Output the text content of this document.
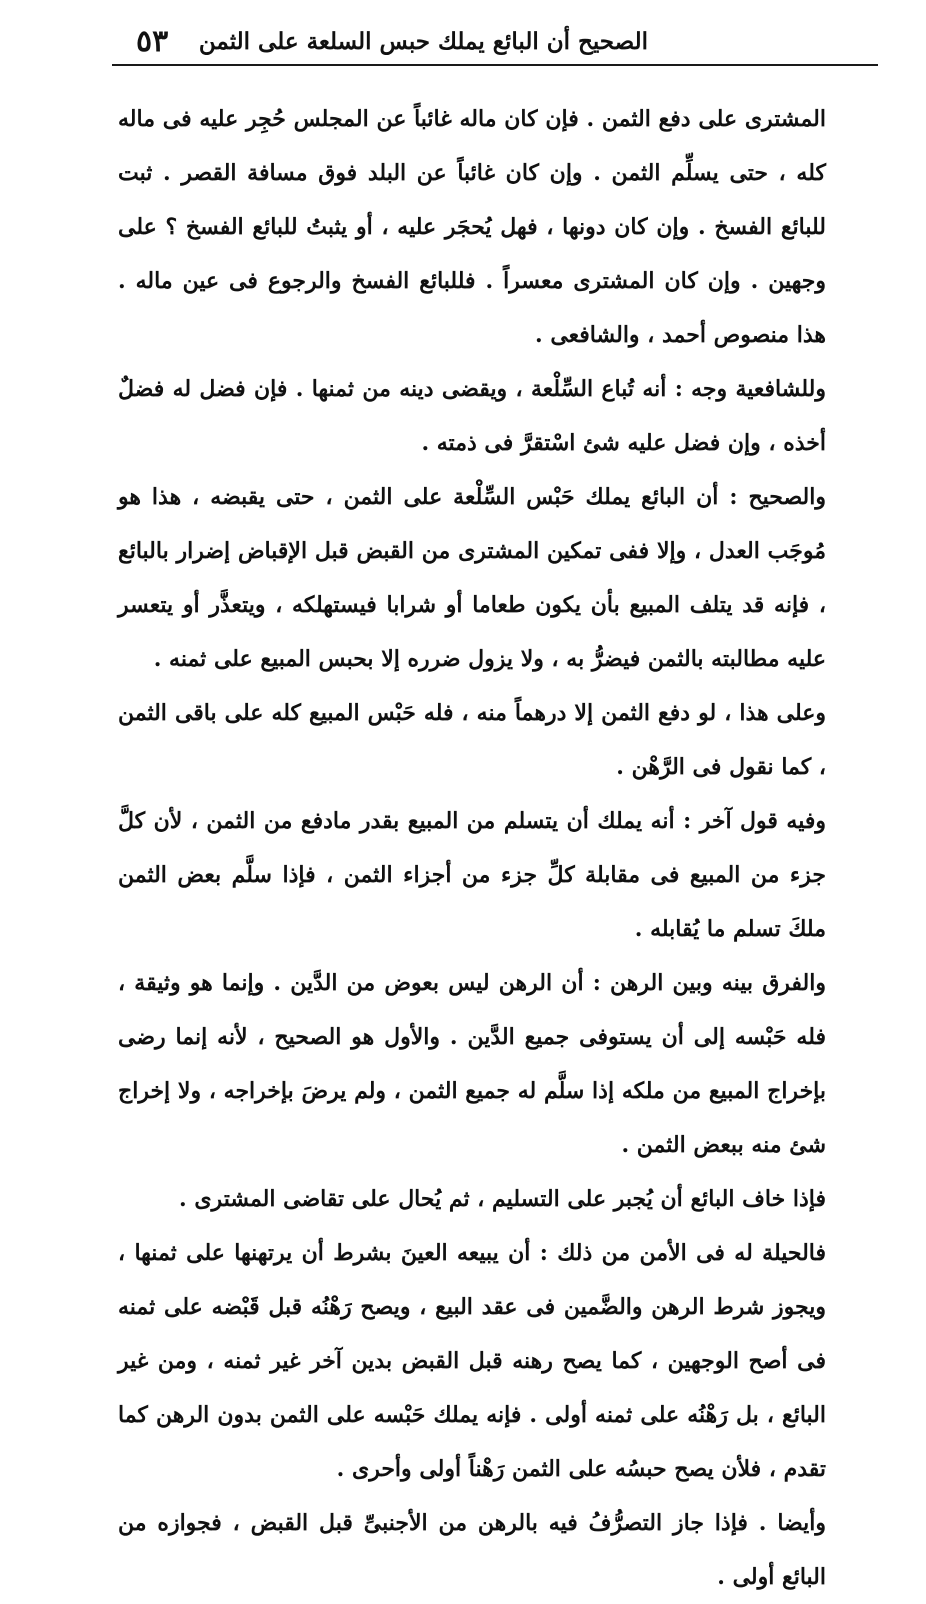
الصحيح أن البائع يملك حبس السلعة على الثمن
٥٣

المشترى على دفع الثمن . فإن كان ماله غائباً عن المجلس حُجِر عليه فى ماله كله ، حتى يسلِّم الثمن . وإن كان غائباً عن البلد فوق مسافة القصر . ثبت للبائع الفسخ . وإن كان دونها ، فهل يُحجَر عليه ، أو يثبتُ للبائع الفسخ ؟ على وجهين . وإن كان المشترى معسراً . فللبائع الفسخ والرجوع فى عين ماله . هذا منصوص أحمد ، والشافعى .

وللشافعية وجه : أنه تُباع السِّلْعة ، ويقضى دينه من ثمنها . فإن فضل له فضلٌ أخذه ، وإن فضل عليه شئ اسْتقرَّ فى ذمته .

والصحيح : أن البائع يملك حَبْس السِّلْعة على الثمن ، حتى يقبضه ، هذا هو مُوجَب العدل ، وإلا ففى تمكين المشترى من القبض قبل الإقباض إضرار بالبائع ، فإنه قد يتلف المبيع بأن يكون طعاما أو شرابا فيستهلكه ، ويتعذَّر أو يتعسر عليه مطالبته بالثمن فيضرُّ به ، ولا يزول ضرره إلا بحبس المبيع على ثمنه .

وعلى هذا ، لو دفع الثمن إلا درهماً منه ، فله حَبْس المبيع كله على باقى الثمن ، كما نقول فى الرَّهْن .

وفيه قول آخر : أنه يملك أن يتسلم من المبيع بقدر مادفع من الثمن ، لأن كلَّ جزء من المبيع فى مقابلة كلِّ جزء من أجزاء الثمن ، فإذا سلَّم بعض الثمن ملكَ تسلم ما يُقابله .

والفرق بينه وبين الرهن : أن الرهن ليس بعوض من الدَّين . وإنما هو وثيقة ، فله حَبْسه إلى أن يستوفى جميع الدَّين . والأول هو الصحيح ، لأنه إنما رضى بإخراج المبيع من ملكه إذا سلَّم له جميع الثمن ، ولم يرضَ بإخراجه ، ولا إخراج شئ منه ببعض الثمن .

فإذا خاف البائع أن يُجبر على التسليم ، ثم يُحال على تقاضى المشترى .

فالحيلة له فى الأمن من ذلك : أن يبيعه العينَ بشرط أن يرتهنها على ثمنها ، ويجوز شرط الرهن والضَّمين فى عقد البيع ، ويصح رَهْنُه قبل قَبْضه على ثمنه فى أصح الوجهين ، كما يصح رهنه قبل القبض بدين آخر غير ثمنه ، ومن غير البائع ، بل رَهْنُه على ثمنه أولى . فإنه يملك حَبْسه على الثمن بدون الرهن كما تقدم ، فلأن يصح حبسُه على الثمن رَهْناً أولى وأحرى .

وأيضا . فإذا جاز التصرُّفُ فيه بالرهن من الأجنبىِّ قبل القبض ، فجوازه من البائع أولى .
